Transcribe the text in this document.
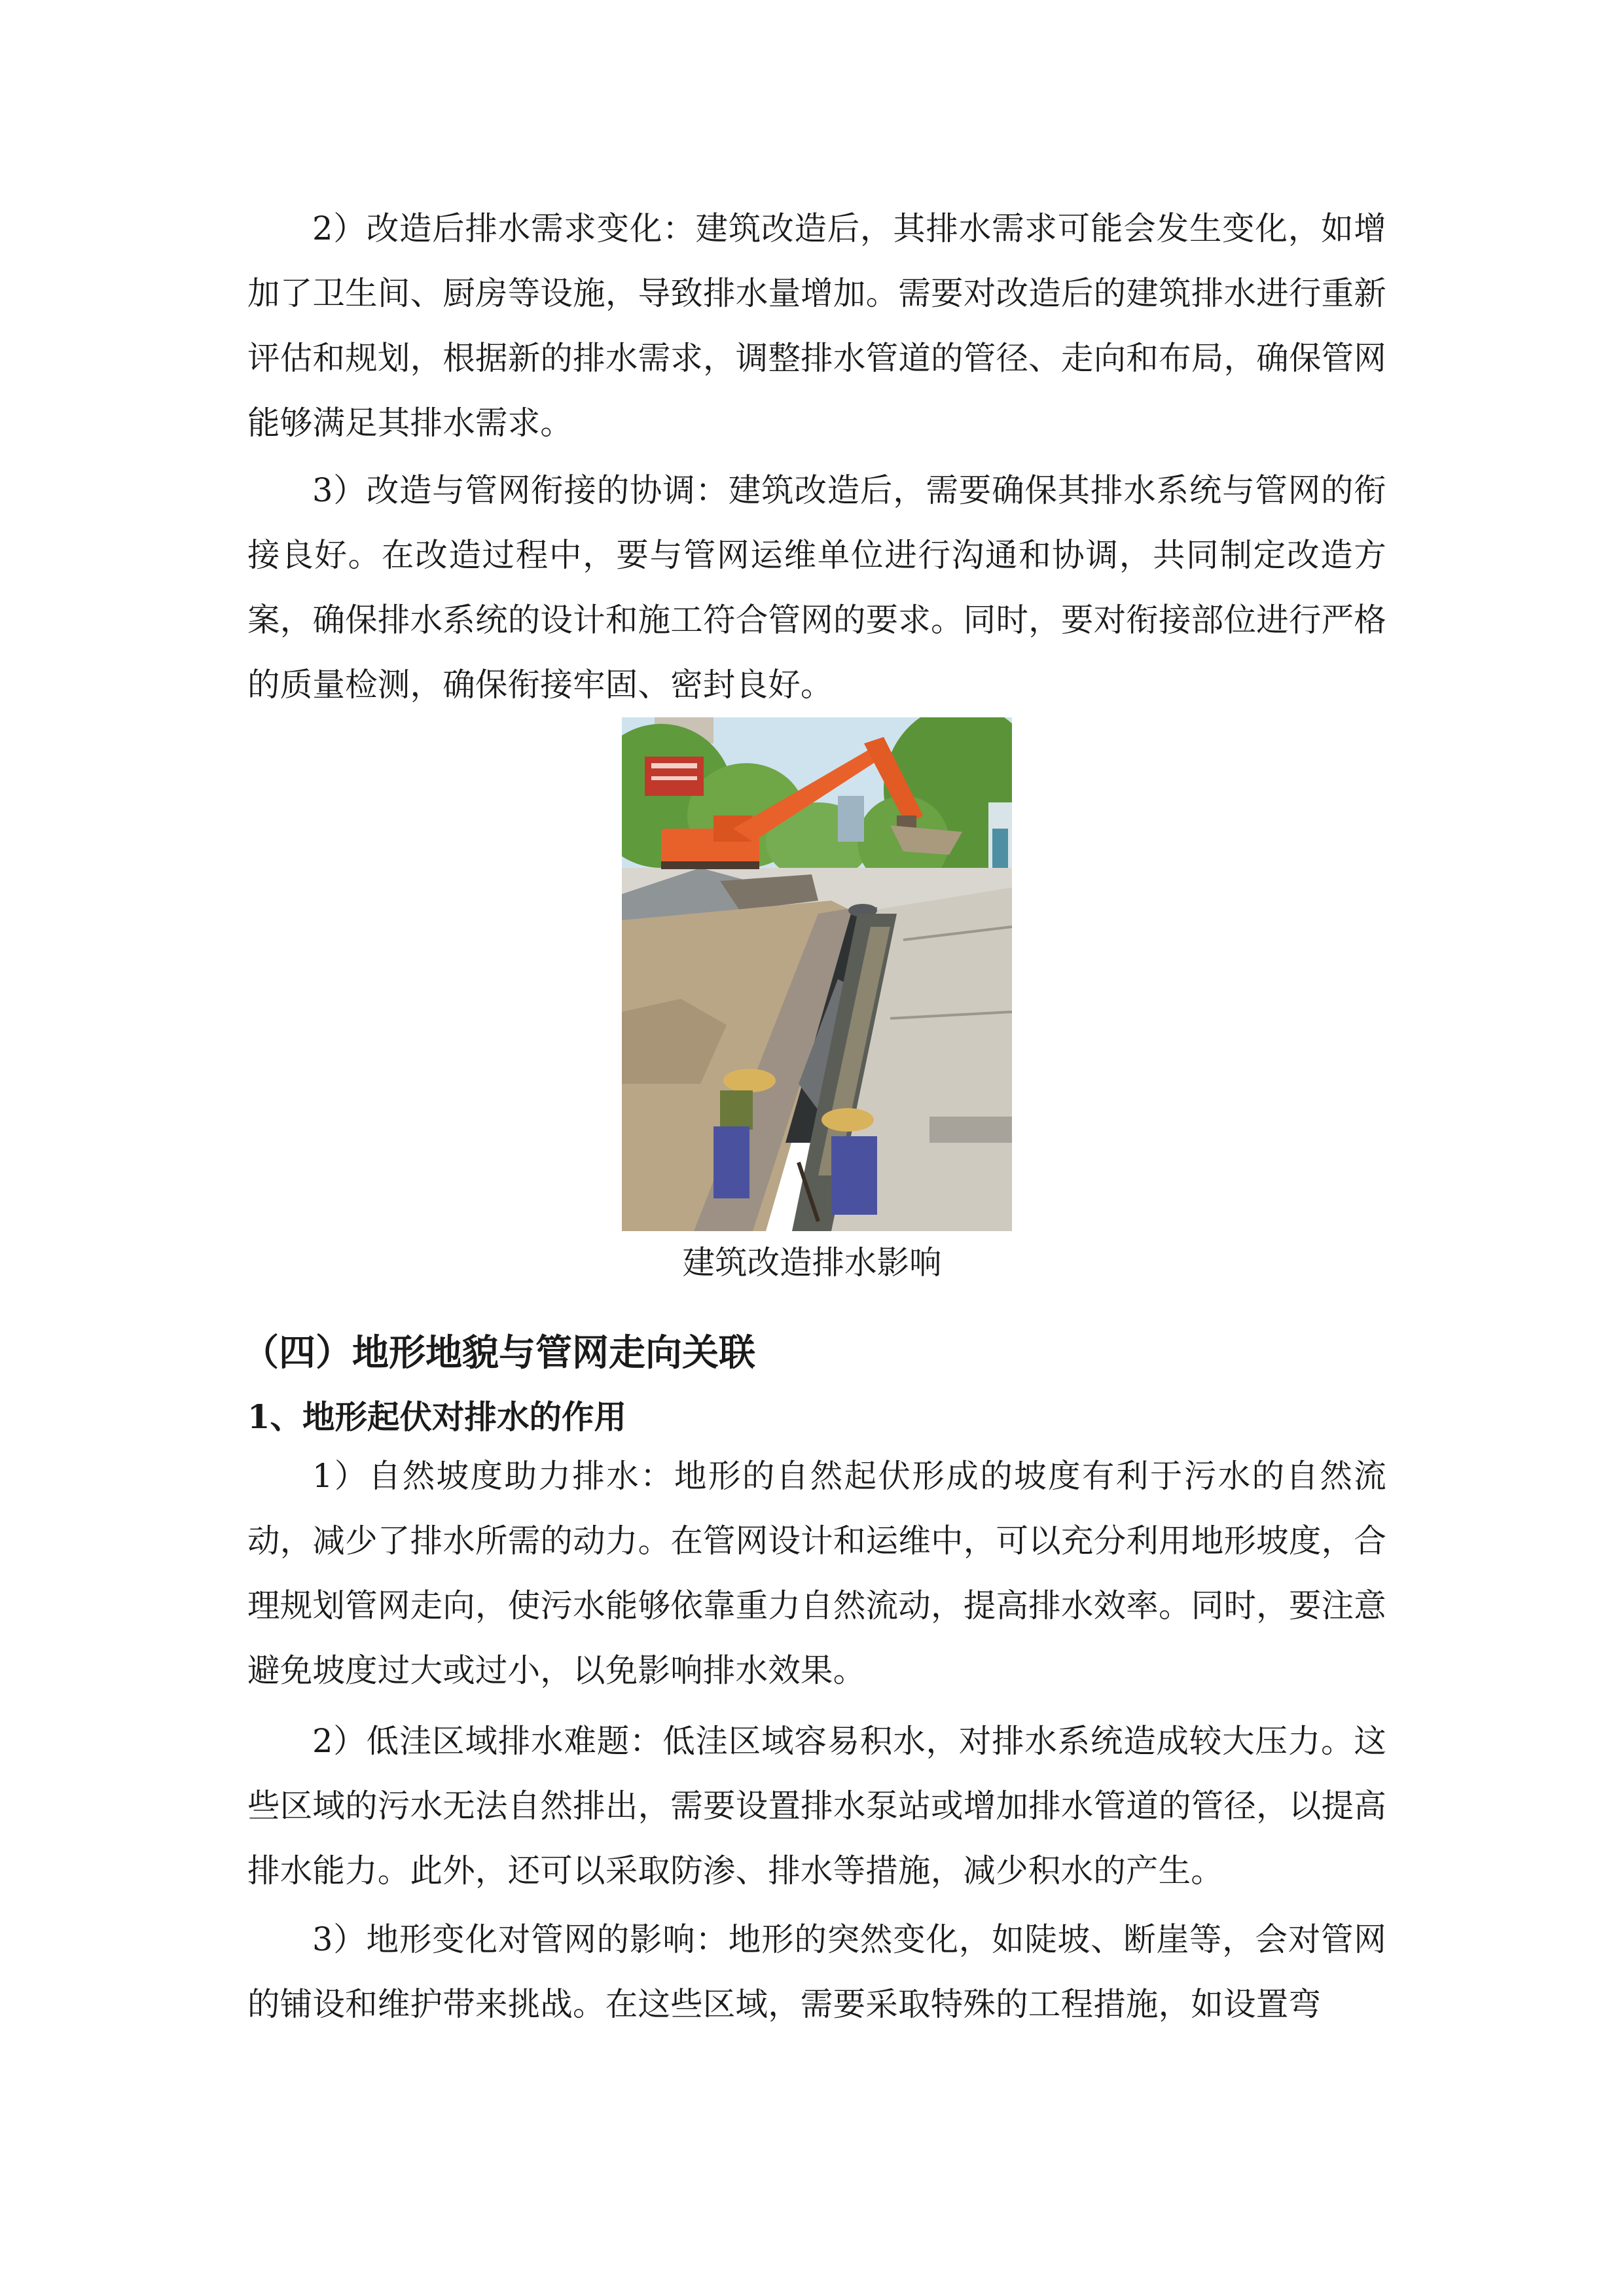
2）改造后排水需求变化：建筑改造后，其排水需求可能会发生变化，如增加了卫生间、厨房等设施，导致排水量增加。需要对改造后的建筑排水进行重新评估和规划，根据新的排水需求，调整排水管道的管径、走向和布局，确保管网能够满足其排水需求。

3）改造与管网衔接的协调：建筑改造后，需要确保其排水系统与管网的衔接良好。在改造过程中，要与管网运维单位进行沟通和协调，共同制定改造方案，确保排水系统的设计和施工符合管网的要求。同时，要对衔接部位进行严格的质量检测，确保衔接牢固、密封良好。

建筑改造排水影响

（四）地形地貌与管网走向关联
1、地形起伏对排水的作用

1）自然坡度助力排水：地形的自然起伏形成的坡度有利于污水的自然流动，减少了排水所需的动力。在管网设计和运维中，可以充分利用地形坡度，合理规划管网走向，使污水能够依靠重力自然流动，提高排水效率。同时，要注意避免坡度过大或过小，以免影响排水效果。

2）低洼区域排水难题：低洼区域容易积水，对排水系统造成较大压力。这些区域的污水无法自然排出，需要设置排水泵站或增加排水管道的管径，以提高排水能力。此外，还可以采取防渗、排水等措施，减少积水的产生。

3）地形变化对管网的影响：地形的突然变化，如陡坡、断崖等，会对管网的铺设和维护带来挑战。在这些区域，需要采取特殊的工程措施，如设置弯
